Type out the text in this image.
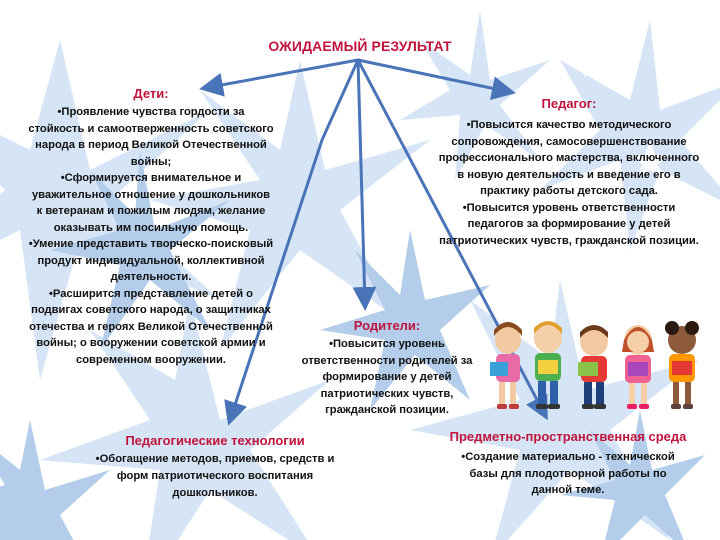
ОЖИДАЕМЫЙ РЕЗУЛЬТАТ
Дети:
• Проявление чувства гордости за стойкость и самоотверженность советского народа в период Великой Отечественной войны;
• Сформируется внимательное и уважительное отношение у дошкольников к ветеранам и пожилым людям, желание оказывать им посильную помощь.
• Умение представить творческо-поисковый продукт индивидуальной, коллективной деятельности.
• Расширится представление детей о подвигах советского народа, о защитниках отечества и героях Великой Отечественной войны; о вооружении советской армии и современном вооружении.
Педагог:
• Повысится качество методического сопровождения, самосовершенствование профессионального мастерства, включенного в новую деятельность и введение его в практику работы детского сада.
• Повысится уровень ответственности педагогов за формирование у детей патриотических чувств, гражданской позиции.
Родители:
• Повысится уровень ответственности родителей за формирование у детей патриотических чувств, гражданской позиции.
Педагогические технологии
• Обогащение методов, приемов, средств и форм патриотического воспитания дошкольников.
Предметно-пространственная среда
• Создание материально - технической базы для плодотворной работы по данной теме.
